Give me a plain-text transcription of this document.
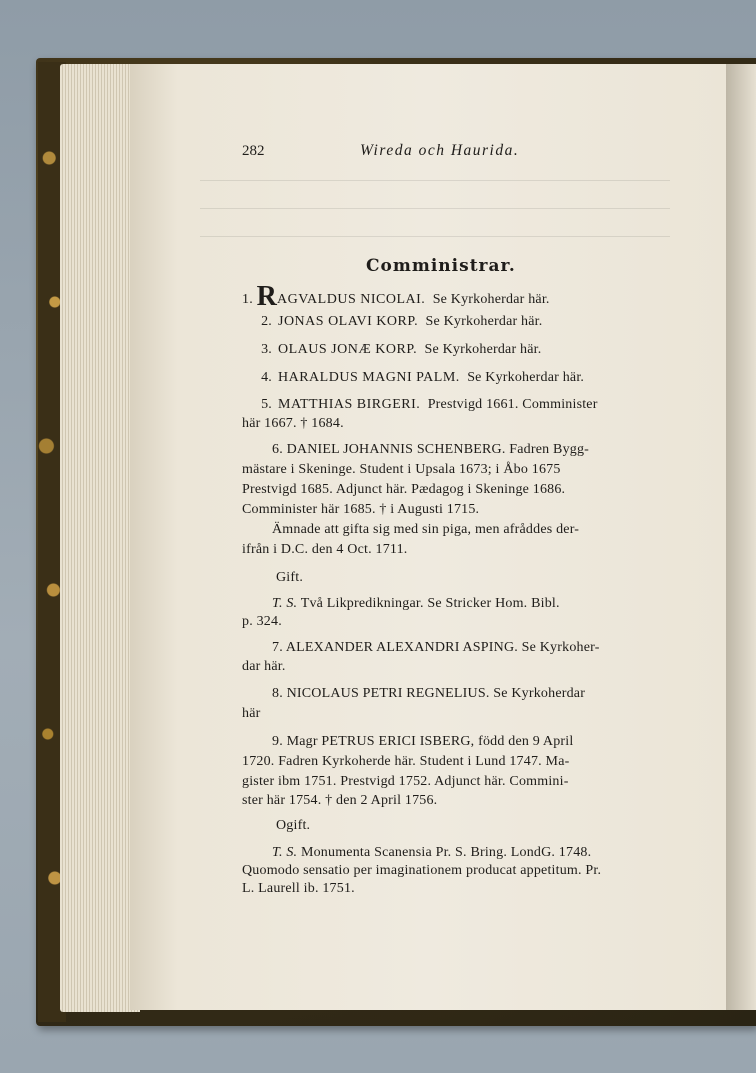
282	Wireda och Haurida.
Comministrar.
1. RAGVALDUS NICOLAI. Se Kyrkoherdar här.
2. JONAS OLAVI KORP. Se Kyrkoherdar här.
3. OLAUS JONÆ KORP. Se Kyrkoherdar här.
4. HARALDUS MAGNI PALM. Se Kyrkoherdar här.
5. MATTHIAS BIRGERI. Prestvigd 1661. Comminister
här 1667. † 1684.
6. DANIEL JOHANNIS SCHENBERG. Fadren Bygg-
mästare i Skeninge. Student i Upsala 1673; i Åbo 1675
Prestvigd 1685. Adjunct här. Pædagog i Skeninge 1686.
Comminister här 1685. † i Augusti 1715.
Ämnade att gifta sig med sin piga, men afråddes der-
ifrån i D.C. den 4 Oct. 1711.
Gift.
T. S. Två Likpredikningar. Se Stricker Hom. Bibl.
p. 324.
7. ALEXANDER ALEXANDRI ASPING. Se Kyrkoher-
dar här.
8. NICOLAUS PETRI REGNELIUS. Se Kyrkoherdar
här
9. Magr PETRUS ERICI ISBERG, född den 9 April
1720. Fadren Kyrkoherde här. Student i Lund 1747. Ma-
gister ibm 1751. Prestvigd 1752. Adjunct här. Commini-
ster här 1754. † den 2 April 1756.
Ogift.
T. S. Monumenta Scanensia Pr. S. Bring. LondG. 1748.
Quomodo sensatio per imaginationem producat appetitum. Pr.
L. Laurell ib. 1751.
